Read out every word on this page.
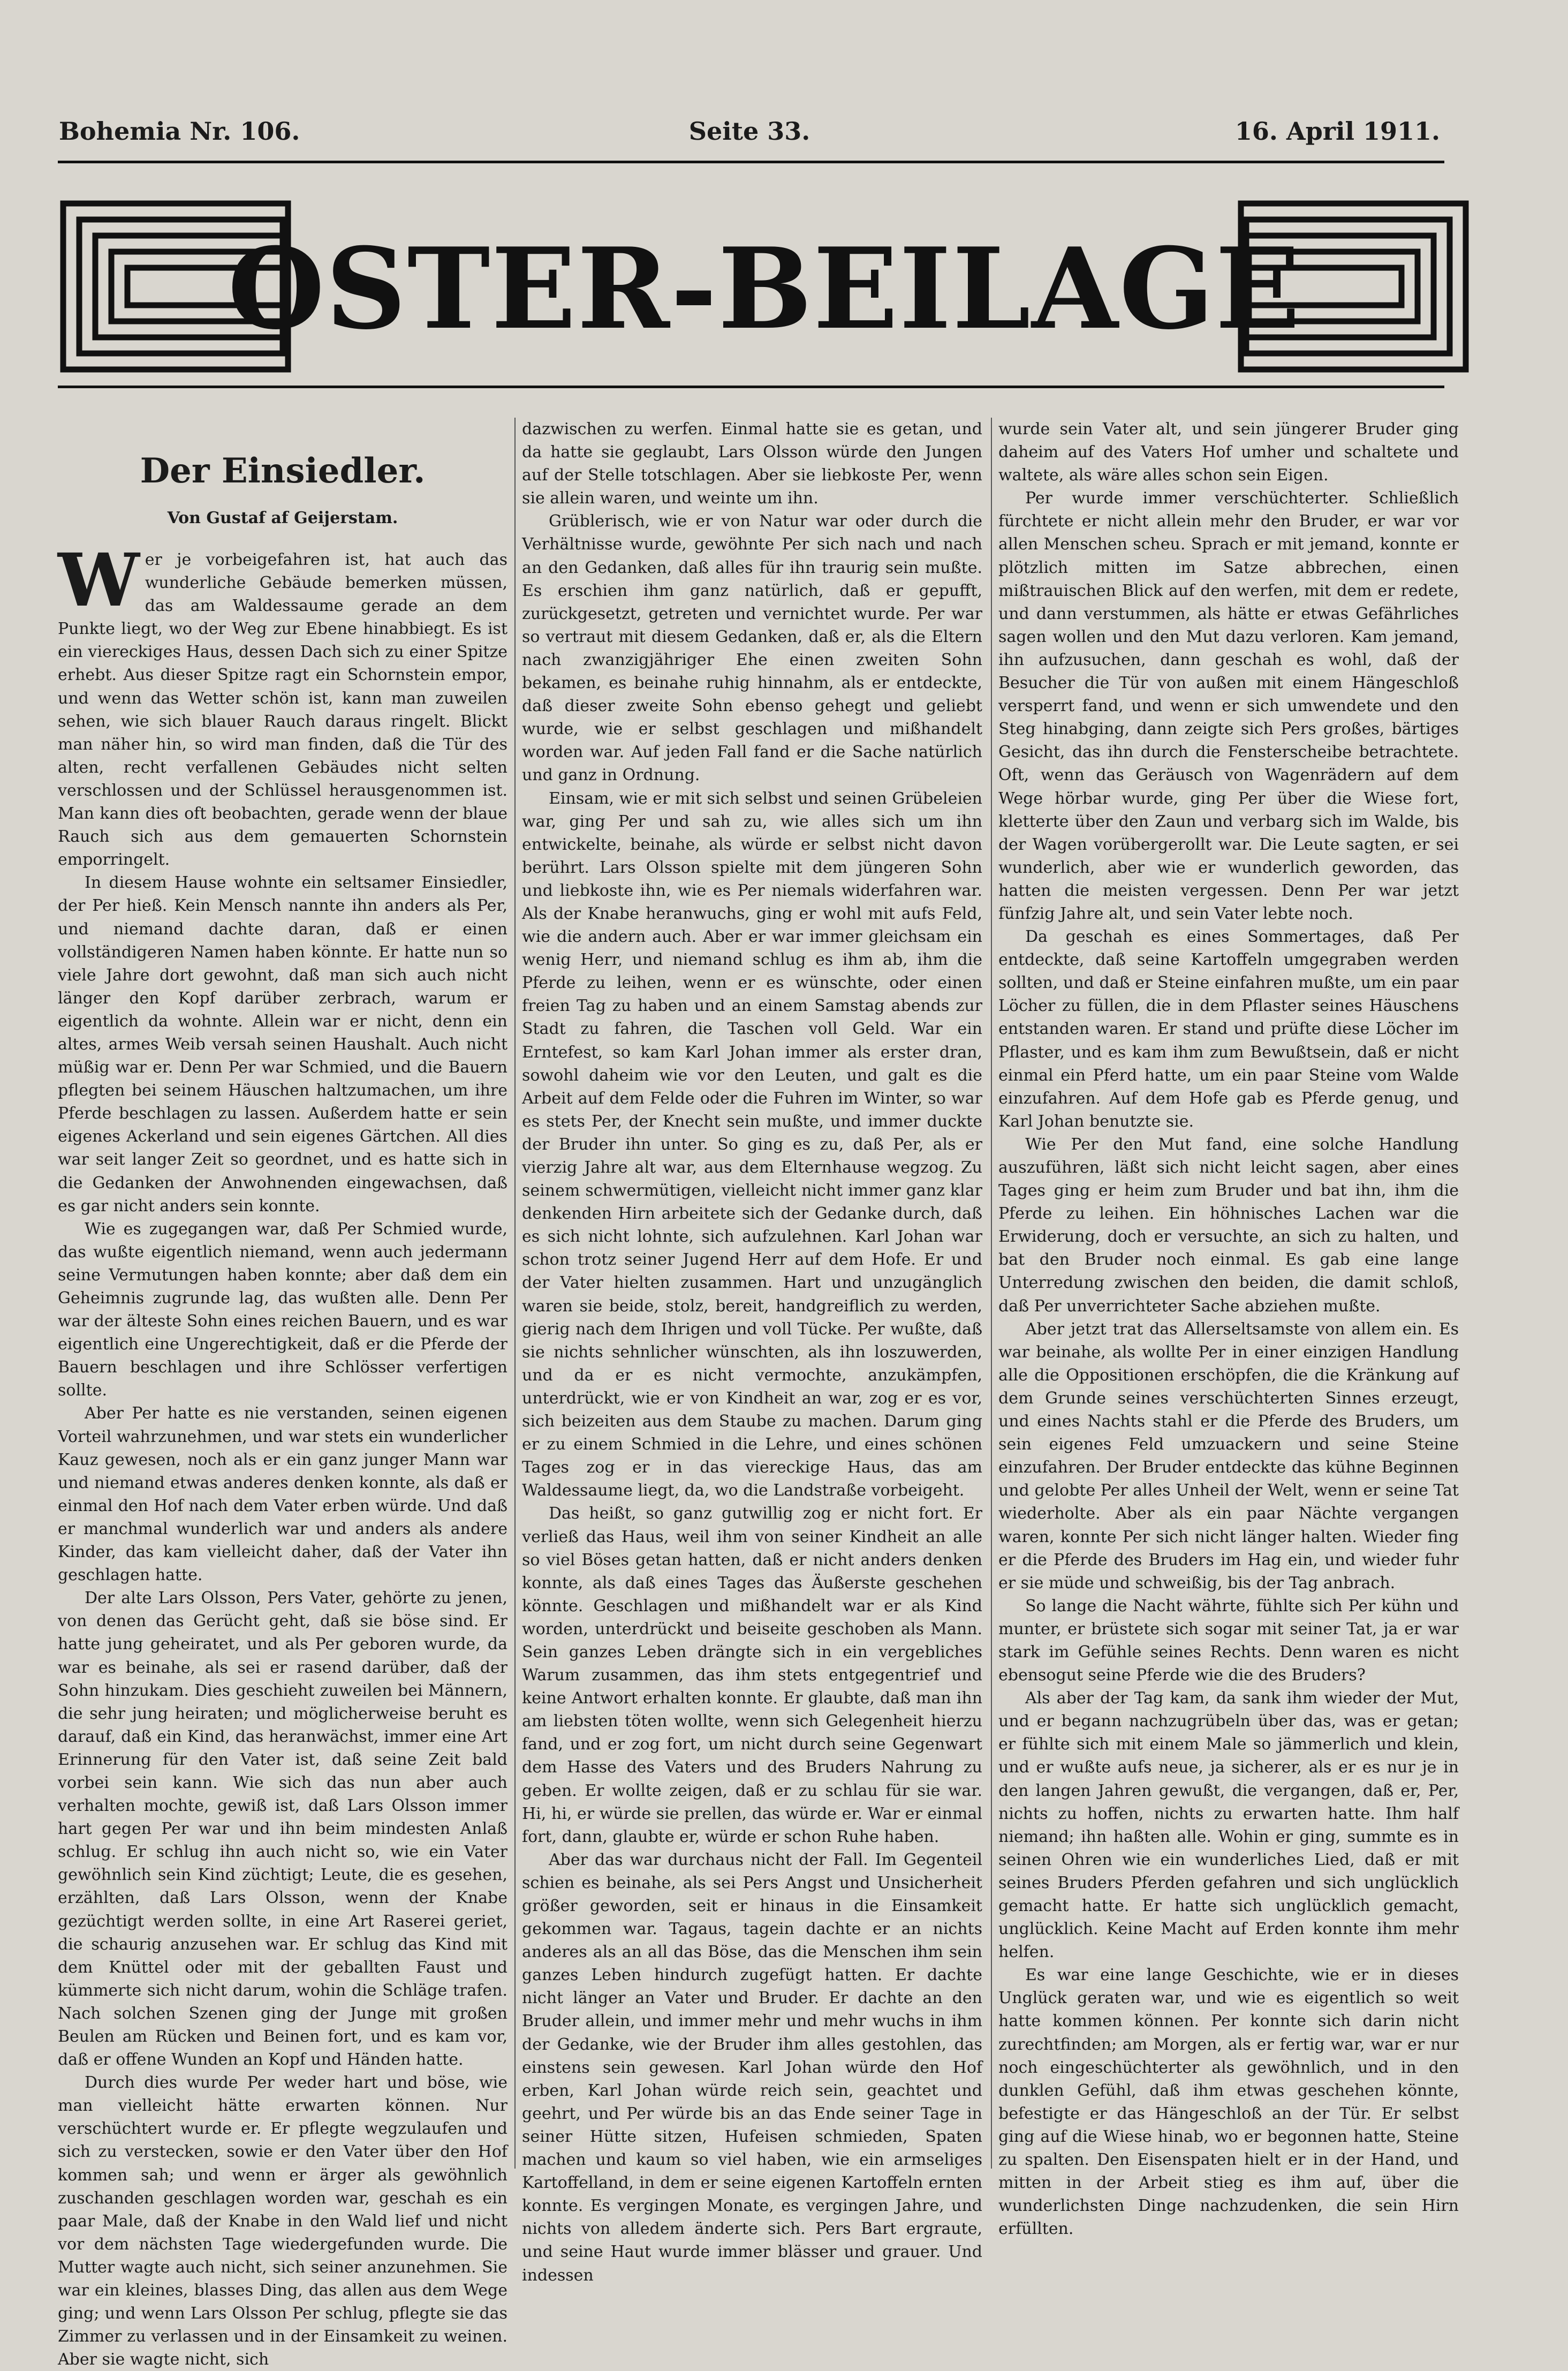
Bohemia Nr. 106.	Seite 33.	16. April 1911.
OSTER-BEILAGE
Der Einsiedler.
Von Gustaf af Geijerstam.

Wer je vorbeigefahren ist, hat auch das wunderliche Gebäude bemerken müssen, das am Waldessaume gerade an dem Punkte liegt, wo der Weg zur Ebene hinabbiegt. Es ist ein viereckiges Haus, dessen Dach sich zu einer Spitze erhebt. Aus dieser Spitze ragt ein Schornstein empor, und wenn das Wetter schön ist, kann man zuweilen sehen, wie sich blauer Rauch daraus ringelt. Blickt man näher hin, so wird man finden, daß die Tür des alten, recht verfallenen Gebäudes nicht selten verschlossen und der Schlüssel herausgenommen ist. Man kann dies oft beobachten, gerade wenn der blaue Rauch sich aus dem gemauerten Schornstein emporringelt.

In diesem Hause wohnte ein seltsamer Einsiedler, der Per hieß. Kein Mensch nannte ihn anders als Per, und niemand dachte daran, daß er einen vollständigeren Namen haben könnte. Er hatte nun so viele Jahre dort gewohnt, daß man sich auch nicht länger den Kopf darüber zerbrach, warum er eigentlich da wohnte. Allein war er nicht, denn ein altes, armes Weib versah seinen Haushalt. Auch nicht müßig war er. Denn Per war Schmied, und die Bauern pflegten bei seinem Häuschen haltzumachen, um ihre Pferde beschlagen zu lassen. Außerdem hatte er sein eigenes Ackerland und sein eigenes Gärtchen. All dies war seit langer Zeit so geordnet, und es hatte sich in die Gedanken der Anwohnenden eingewachsen, daß es gar nicht anders sein konnte.

Wie es zugegangen war, daß Per Schmied wurde, das wußte eigentlich niemand, wenn auch jedermann seine Vermutungen haben konnte; aber daß dem ein Geheimnis zugrunde lag, das wußten alle. Denn Per war der älteste Sohn eines reichen Bauern, und es war eigentlich eine Ungerechtigkeit, daß er die Pferde der Bauern beschlagen und ihre Schlösser verfertigen sollte.

Aber Per hatte es nie verstanden, seinen eigenen Vorteil wahrzunehmen, und war stets ein wunderlicher Kauz gewesen, noch als er ein ganz junger Mann war und niemand etwas anderes denken konnte, als daß er einmal den Hof nach dem Vater erben würde. Und daß er manchmal wunderlich war und anders als andere Kinder, das kam vielleicht daher, daß der Vater ihn geschlagen hatte.

Der alte Lars Olsson, Pers Vater, gehörte zu jenen, von denen das Gerücht geht, daß sie böse sind. Er hatte jung geheiratet, und als Per geboren wurde, da war es beinahe, als sei er rasend darüber, daß der Sohn hinzukam. Dies geschieht zuweilen bei Männern, die sehr jung heiraten; und möglicherweise beruht es darauf, daß ein Kind, das heranwächst, immer eine Art Erinnerung für den Vater ist, daß seine Zeit bald vorbei sein kann. Wie sich das nun aber auch verhalten mochte, gewiß ist, daß Lars Olsson immer hart gegen Per war und ihn beim mindesten Anlaß schlug. Er schlug ihn auch nicht so, wie ein Vater gewöhnlich sein Kind züchtigt; Leute, die es gesehen, erzählten, daß Lars Olsson, wenn der Knabe gezüchtigt werden sollte, in eine Art Raserei geriet, die schaurig anzusehen war. Er schlug das Kind mit dem Knüttel oder mit der geballten Faust und kümmerte sich nicht darum, wohin die Schläge trafen. Nach solchen Szenen ging der Junge mit großen Beulen am Rücken und Beinen fort, und es kam vor, daß er offene Wunden an Kopf und Händen hatte.

Durch dies wurde Per weder hart und böse, wie man vielleicht hätte erwarten können. Nur verschüchtert wurde er. Er pflegte wegzulaufen und sich zu verstecken, sowie er den Vater über den Hof kommen sah; und wenn er ärger als gewöhnlich zuschanden geschlagen worden war, geschah es ein paar Male, daß der Knabe in den Wald lief und nicht vor dem nächsten Tage wiedergefunden wurde. Die Mutter wagte auch nicht, sich seiner anzunehmen. Sie war ein kleines, blasses Ding, das allen aus dem Wege ging; und wenn Lars Olsson Per schlug, pflegte sie das Zimmer zu verlassen und in der Einsamkeit zu weinen. Aber sie wagte nicht, sich

dazwischen zu werfen. Einmal hatte sie es getan, und da hatte sie geglaubt, Lars Olsson würde den Jungen auf der Stelle totschlagen. Aber sie liebkoste Per, wenn sie allein waren, und weinte um ihn.

Grüblerisch, wie er von Natur war oder durch die Verhältnisse wurde, gewöhnte Per sich nach und nach an den Gedanken, daß alles für ihn traurig sein mußte. Es erschien ihm ganz natürlich, daß er gepufft, zurückgesetzt, getreten und vernichtet wurde. Per war so vertraut mit diesem Gedanken, daß er, als die Eltern nach zwanzigjähriger Ehe einen zweiten Sohn bekamen, es beinahe ruhig hinnahm, als er entdeckte, daß dieser zweite Sohn ebenso gehegt und geliebt wurde, wie er selbst geschlagen und mißhandelt worden war. Auf jeden Fall fand er die Sache natürlich und ganz in Ordnung.

Einsam, wie er mit sich selbst und seinen Grübeleien war, ging Per und sah zu, wie alles sich um ihn entwickelte, beinahe, als würde er selbst nicht davon berührt. Lars Olsson spielte mit dem jüngeren Sohn und liebkoste ihn, wie es Per niemals widerfahren war. Als der Knabe heranwuchs, ging er wohl mit aufs Feld, wie die andern auch. Aber er war immer gleichsam ein wenig Herr, und niemand schlug es ihm ab, ihm die Pferde zu leihen, wenn er es wünschte, oder einen freien Tag zu haben und an einem Samstag abends zur Stadt zu fahren, die Taschen voll Geld. War ein Erntefest, so kam Karl Johan immer als erster dran, sowohl daheim wie vor den Leuten, und galt es die Arbeit auf dem Felde oder die Fuhren im Winter, so war es stets Per, der Knecht sein mußte, und immer duckte der Bruder ihn unter. So ging es zu, daß Per, als er vierzig Jahre alt war, aus dem Elternhause wegzog. Zu seinem schwermütigen, vielleicht nicht immer ganz klar denkenden Hirn arbeitete sich der Gedanke durch, daß es sich nicht lohnte, sich aufzulehnen. Karl Johan war schon trotz seiner Jugend Herr auf dem Hofe. Er und der Vater hielten zusammen. Hart und unzugänglich waren sie beide, stolz, bereit, handgreiflich zu werden, gierig nach dem Ihrigen und voll Tücke. Per wußte, daß sie nichts sehnlicher wünschten, als ihn loszuwerden, und da er es nicht vermochte, anzukämpfen, unterdrückt, wie er von Kindheit an war, zog er es vor, sich beizeiten aus dem Staube zu machen. Darum ging er zu einem Schmied in die Lehre, und eines schönen Tages zog er in das viereckige Haus, das am Waldessaume liegt, da, wo die Landstraße vorbeigeht.

Das heißt, so ganz gutwillig zog er nicht fort. Er verließ das Haus, weil ihm von seiner Kindheit an alle so viel Böses getan hatten, daß er nicht anders denken konnte, als daß eines Tages das Äußerste geschehen könnte. Geschlagen und mißhandelt war er als Kind worden, unterdrückt und beiseite geschoben als Mann. Sein ganzes Leben drängte sich in ein vergebliches Warum zusammen, das ihm stets entgegentrief und keine Antwort erhalten konnte. Er glaubte, daß man ihn am liebsten töten wollte, wenn sich Gelegenheit hierzu fand, und er zog fort, um nicht durch seine Gegenwart dem Hasse des Vaters und des Bruders Nahrung zu geben. Er wollte zeigen, daß er zu schlau für sie war. Hi, hi, er würde sie prellen, das würde er. War er einmal fort, dann, glaubte er, würde er schon Ruhe haben.

Aber das war durchaus nicht der Fall. Im Gegenteil schien es beinahe, als sei Pers Angst und Unsicherheit größer geworden, seit er hinaus in die Einsamkeit gekommen war. Tagaus, tagein dachte er an nichts anderes als an all das Böse, das die Menschen ihm sein ganzes Leben hindurch zugefügt hatten. Er dachte nicht länger an Vater und Bruder. Er dachte an den Bruder allein, und immer mehr und mehr wuchs in ihm der Gedanke, wie der Bruder ihm alles gestohlen, das einstens sein gewesen. Karl Johan würde den Hof erben, Karl Johan würde reich sein, geachtet und geehrt, und Per würde bis an das Ende seiner Tage in seiner Hütte sitzen, Hufeisen schmieden, Spaten machen und kaum so viel haben, wie ein armseliges Kartoffelland, in dem er seine eigenen Kartoffeln ernten konnte. Es vergingen Monate, es vergingen Jahre, und nichts von alledem änderte sich. Pers Bart ergraute, und seine Haut wurde immer blässer und grauer. Und indessen

wurde sein Vater alt, und sein jüngerer Bruder ging daheim auf des Vaters Hof umher und schaltete und waltete, als wäre alles schon sein Eigen.

Per wurde immer verschüchterter. Schließlich fürchtete er nicht allein mehr den Bruder, er war vor allen Menschen scheu. Sprach er mit jemand, konnte er plötzlich mitten im Satze abbrechen, einen mißtrauischen Blick auf den werfen, mit dem er redete, und dann verstummen, als hätte er etwas Gefährliches sagen wollen und den Mut dazu verloren. Kam jemand, ihn aufzusuchen, dann geschah es wohl, daß der Besucher die Tür von außen mit einem Hängeschloß versperrt fand, und wenn er sich umwendete und den Steg hinabging, dann zeigte sich Pers großes, bärtiges Gesicht, das ihn durch die Fensterscheibe betrachtete. Oft, wenn das Geräusch von Wagenrädern auf dem Wege hörbar wurde, ging Per über die Wiese fort, kletterte über den Zaun und verbarg sich im Walde, bis der Wagen vorübergerollt war. Die Leute sagten, er sei wunderlich, aber wie er wunderlich geworden, das hatten die meisten vergessen. Denn Per war jetzt fünfzig Jahre alt, und sein Vater lebte noch.

Da geschah es eines Sommertages, daß Per entdeckte, daß seine Kartoffeln umgegraben werden sollten, und daß er Steine einfahren mußte, um ein paar Löcher zu füllen, die in dem Pflaster seines Häuschens entstanden waren. Er stand und prüfte diese Löcher im Pflaster, und es kam ihm zum Bewußtsein, daß er nicht einmal ein Pferd hatte, um ein paar Steine vom Walde einzufahren. Auf dem Hofe gab es Pferde genug, und Karl Johan benutzte sie.

Wie Per den Mut fand, eine solche Handlung auszuführen, läßt sich nicht leicht sagen, aber eines Tages ging er heim zum Bruder und bat ihn, ihm die Pferde zu leihen. Ein höhnisches Lachen war die Erwiderung, doch er versuchte, an sich zu halten, und bat den Bruder noch einmal. Es gab eine lange Unterredung zwischen den beiden, die damit schloß, daß Per unverrichteter Sache abziehen mußte.

Aber jetzt trat das Allerseltsamste von allem ein. Es war beinahe, als wollte Per in einer einzigen Handlung alle die Oppositionen erschöpfen, die die Kränkung auf dem Grunde seines verschüchterten Sinnes erzeugt, und eines Nachts stahl er die Pferde des Bruders, um sein eigenes Feld umzuackern und seine Steine einzufahren. Der Bruder entdeckte das kühne Beginnen und gelobte Per alles Unheil der Welt, wenn er seine Tat wiederholte. Aber als ein paar Nächte vergangen waren, konnte Per sich nicht länger halten. Wieder fing er die Pferde des Bruders im Hag ein, und wieder fuhr er sie müde und schweißig, bis der Tag anbrach.

So lange die Nacht währte, fühlte sich Per kühn und munter, er brüstete sich sogar mit seiner Tat, ja er war stark im Gefühle seines Rechts. Denn waren es nicht ebensogut seine Pferde wie die des Bruders?

Als aber der Tag kam, da sank ihm wieder der Mut, und er begann nachzugrübeln über das, was er getan; er fühlte sich mit einem Male so jämmerlich und klein, und er wußte aufs neue, ja sicherer, als er es nur je in den langen Jahren gewußt, die vergangen, daß er, Per, nichts zu hoffen, nichts zu erwarten hatte. Ihm half niemand; ihn haßten alle. Wohin er ging, summte es in seinen Ohren wie ein wunderliches Lied, daß er mit seines Bruders Pferden gefahren und sich unglücklich gemacht hatte. Er hatte sich unglücklich gemacht, unglücklich. Keine Macht auf Erden konnte ihm mehr helfen.

Es war eine lange Geschichte, wie er in dieses Unglück geraten war, und wie es eigentlich so weit hatte kommen können. Per konnte sich darin nicht zurechtfinden; am Morgen, als er fertig war, war er nur noch eingeschüchterter als gewöhnlich, und in den dunklen Gefühl, daß ihm etwas geschehen könnte, befestigte er das Hängeschloß an der Tür. Er selbst ging auf die Wiese hinab, wo er begonnen hatte, Steine zu spalten. Den Eisenspaten hielt er in der Hand, und mitten in der Arbeit stieg es ihm auf, über die wunderlichsten Dinge nachzudenken, die sein Hirn erfüllten.
